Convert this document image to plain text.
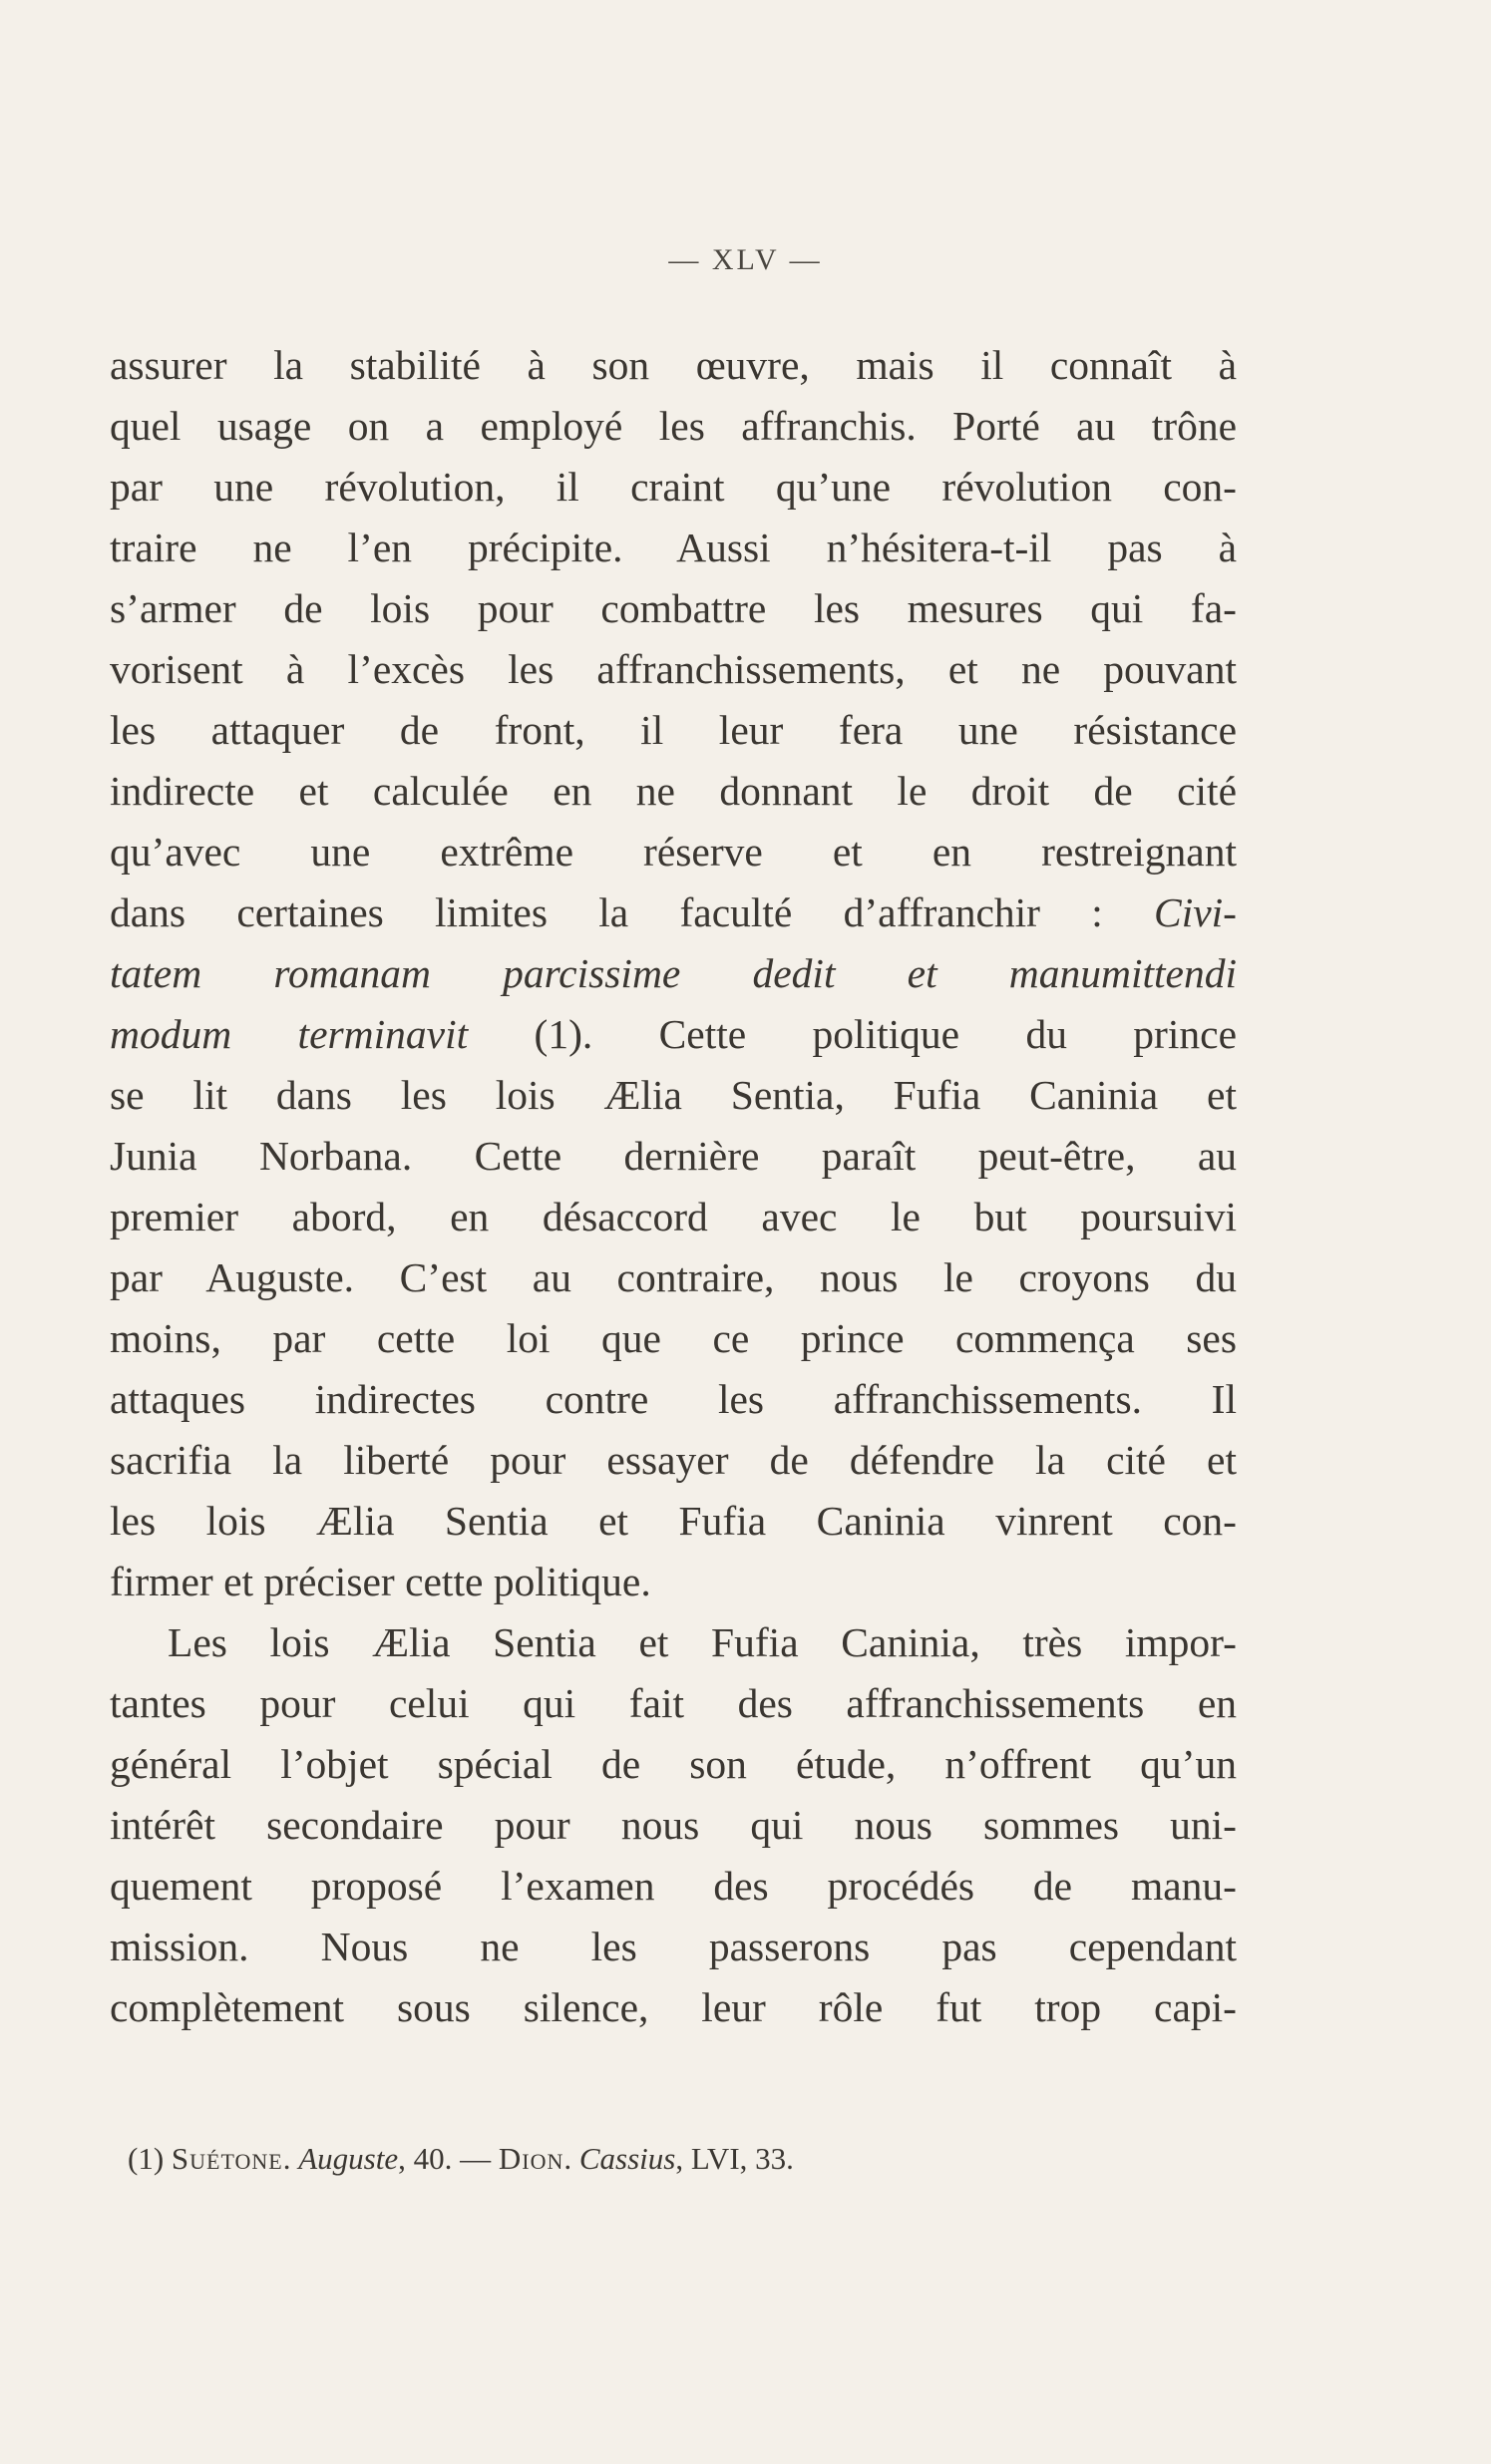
— XLV —
assurer la stabilité à son œuvre, mais il connaît à
quel usage on a employé les affranchis. Porté au trône
par une révolution, il craint qu’une révolution con-
traire ne l’en précipite. Aussi n’hésitera-t-il pas à
s’armer de lois pour combattre les mesures qui fa-
vorisent à l’excès les affranchissements, et ne pouvant
les attaquer de front, il leur fera une résistance
indirecte et calculée en ne donnant le droit de cité
qu’avec une extrême réserve et en restreignant
dans certaines limites la faculté d’affranchir : Civi-
tatem romanam parcissime dedit et manumittendi
modum terminavit (1). Cette politique du prince
se lit dans les lois Ælia Sentia, Fufia Caninia et
Junia Norbana. Cette dernière paraît peut-être, au
premier abord, en désaccord avec le but poursuivi
par Auguste. C’est au contraire, nous le croyons du
moins, par cette loi que ce prince commença ses
attaques indirectes contre les affranchissements. Il
sacrifia la liberté pour essayer de défendre la cité et
les lois Ælia Sentia et Fufia Caninia vinrent con-
firmer et préciser cette politique.
Les lois Ælia Sentia et Fufia Caninia, très impor-
tantes pour celui qui fait des affranchissements en
général l’objet spécial de son étude, n’offrent qu’un
intérêt secondaire pour nous qui nous sommes uni-
quement proposé l’examen des procédés de manu-
mission. Nous ne les passerons pas cependant
complètement sous silence, leur rôle fut trop capi-
(1) Suétone. Auguste, 40. — Dion. Cassius, LVI, 33.
